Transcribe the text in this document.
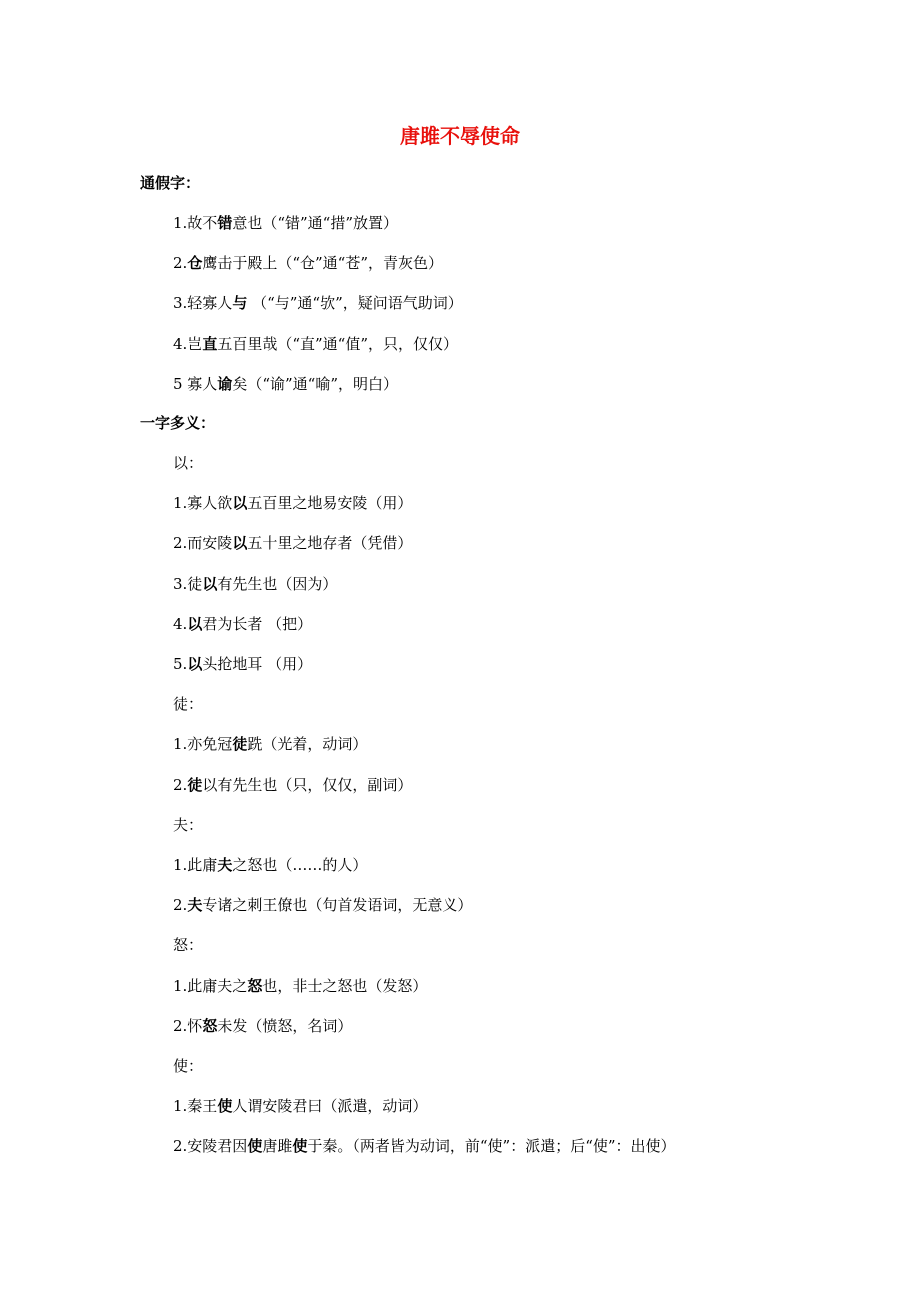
唐雎不辱使命
通假字：
1.故不错意也（“错”通“措”放置）
2.仓鹰击于殿上（“仓”通“苍”，青灰色）
3.轻寡人与 （“与”通“欤”，疑问语气助词）
4.岂直五百里哉（“直”通“值”，只，仅仅）
5 寡人谕矣（“谕”通“喻”，明白）
一字多义：
以：
1.寡人欲以五百里之地易安陵（用）
2.而安陵以五十里之地存者（凭借）
3.徒以有先生也（因为）
4.以君为长者 （把）
5.以头抢地耳 （用）
徒：
1.亦免冠徒跣（光着，动词）
2.徒以有先生也（只，仅仅，副词）
夫：
1.此庸夫之怒也（……的人）
2.夫专诸之刺王僚也（句首发语词，无意义）
怒：
1.此庸夫之怒也，非士之怒也（发怒）
2.怀怒未发（愤怒，名词）
使：
1.秦王使人谓安陵君曰（派遣，动词）
2.安陵君因使唐雎使于秦。（两者皆为动词，前“使”：派遣；后“使”：出使）
